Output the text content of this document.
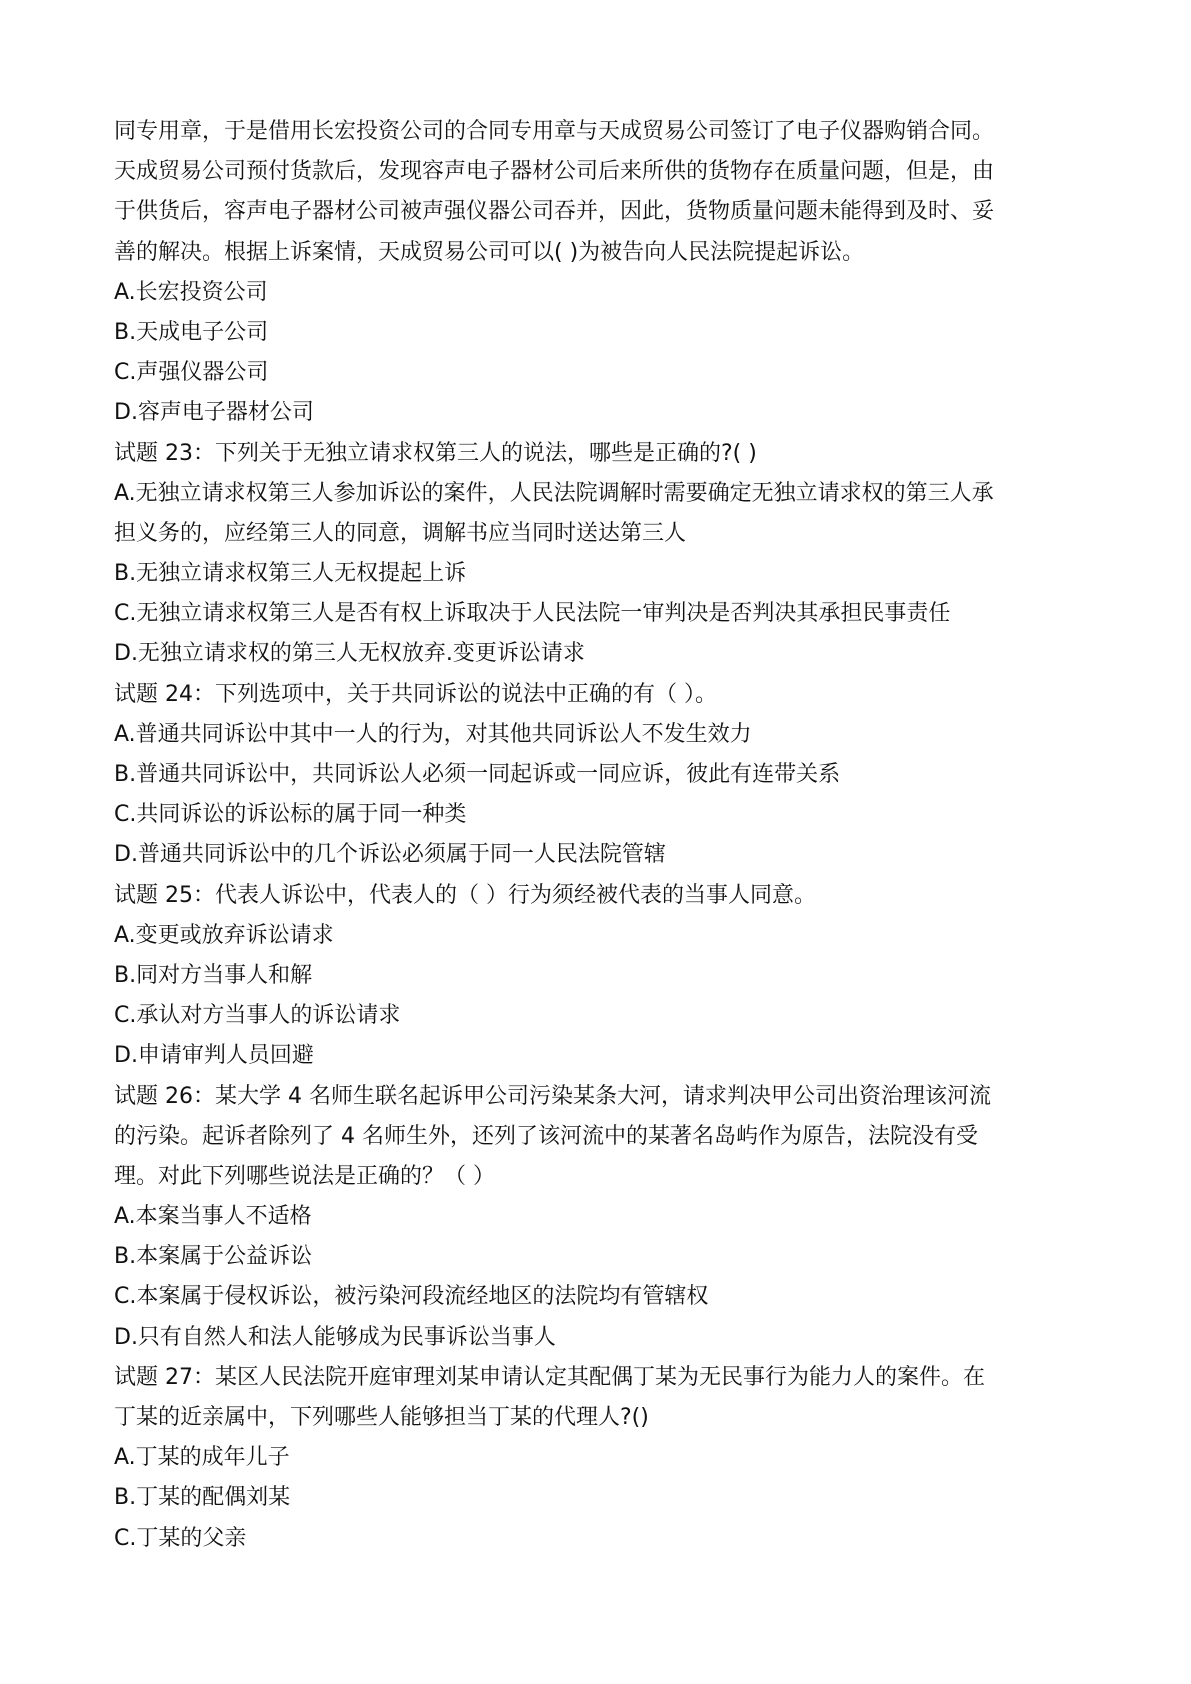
同专用章，于是借用长宏投资公司的合同专用章与天成贸易公司签订了电子仪器购销合同。
天成贸易公司预付货款后，发现容声电子器材公司后来所供的货物存在质量问题，但是，由
于供货后，容声电子器材公司被声强仪器公司吞并，因此，货物质量问题未能得到及时、妥
善的解决。根据上诉案情，天成贸易公司可以( )为被告向人民法院提起诉讼。
A.长宏投资公司
B.天成电子公司
C.声强仪器公司
D.容声电子器材公司
试题 23：下列关于无独立请求权第三人的说法，哪些是正确的?( )
A.无独立请求权第三人参加诉讼的案件，人民法院调解时需要确定无独立请求权的第三人承
担义务的，应经第三人的同意，调解书应当同时送达第三人
B.无独立请求权第三人无权提起上诉
C.无独立请求权第三人是否有权上诉取决于人民法院一审判决是否判决其承担民事责任
D.无独立请求权的第三人无权放弃.变更诉讼请求
试题 24：下列选项中，关于共同诉讼的说法中正确的有（ ）。
A.普通共同诉讼中其中一人的行为，对其他共同诉讼人不发生效力
B.普通共同诉讼中，共同诉讼人必须一同起诉或一同应诉，彼此有连带关系
C.共同诉讼的诉讼标的属于同一种类
D.普通共同诉讼中的几个诉讼必须属于同一人民法院管辖
试题 25：代表人诉讼中，代表人的（ ）行为须经被代表的当事人同意。
A.变更或放弃诉讼请求
B.同对方当事人和解
C.承认对方当事人的诉讼请求
D.申请审判人员回避
试题 26：某大学 4 名师生联名起诉甲公司污染某条大河，请求判决甲公司出资治理该河流
的污染。起诉者除列了 4 名师生外，还列了该河流中的某著名岛屿作为原告，法院没有受
理。对此下列哪些说法是正确的？（ ）
A.本案当事人不适格
B.本案属于公益诉讼
C.本案属于侵权诉讼，被污染河段流经地区的法院均有管辖权
D.只有自然人和法人能够成为民事诉讼当事人
试题 27：某区人民法院开庭审理刘某申请认定其配偶丁某为无民事行为能力人的案件。在
丁某的近亲属中，下列哪些人能够担当丁某的代理人?()
A.丁某的成年儿子
B.丁某的配偶刘某
C.丁某的父亲
